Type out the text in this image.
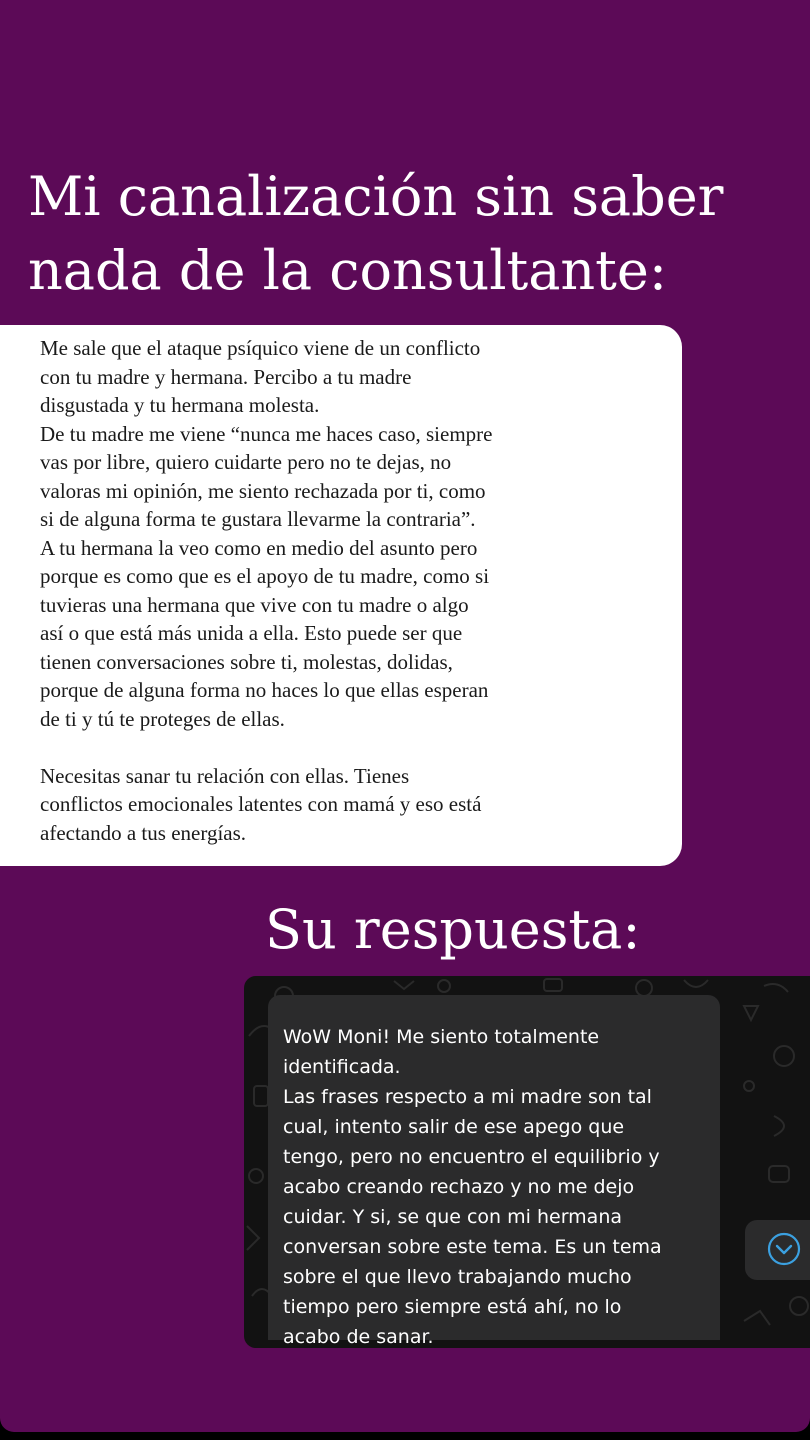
Mi canalización sin saber
nada de la consultante:

Me sale que el ataque psíquico viene de un conflicto
con tu madre y hermana. Percibo a tu madre
disgustada y tu hermana molesta.
De tu madre me viene “nunca me haces caso, siempre
vas por libre, quiero cuidarte pero no te dejas, no
valoras mi opinión, me siento rechazada por ti, como
si de alguna forma te gustara llevarme la contraria”.
A tu hermana la veo como en medio del asunto pero
porque es como que es el apoyo de tu madre, como si
tuvieras una hermana que vive con tu madre o algo
así o que está más unida a ella. Esto puede ser que
tienen conversaciones sobre ti, molestas, dolidas,
porque de alguna forma no haces lo que ellas esperan
de ti y tú te proteges de ellas.

Necesitas sanar tu relación con ellas. Tienes
conflictos emocionales latentes con mamá y eso está
afectando a tus energías.

Su respuesta:

WoW Moni! Me siento totalmente
identificada.
Las frases respecto a mi madre son tal
cual, intento salir de ese apego que
tengo, pero no encuentro el equilibrio y
acabo creando rechazo y no me dejo
cuidar. Y si, se que con mi hermana
conversan sobre este tema. Es un tema
sobre el que llevo trabajando mucho
tiempo pero siempre está ahí, no lo
acabo de sanar.
